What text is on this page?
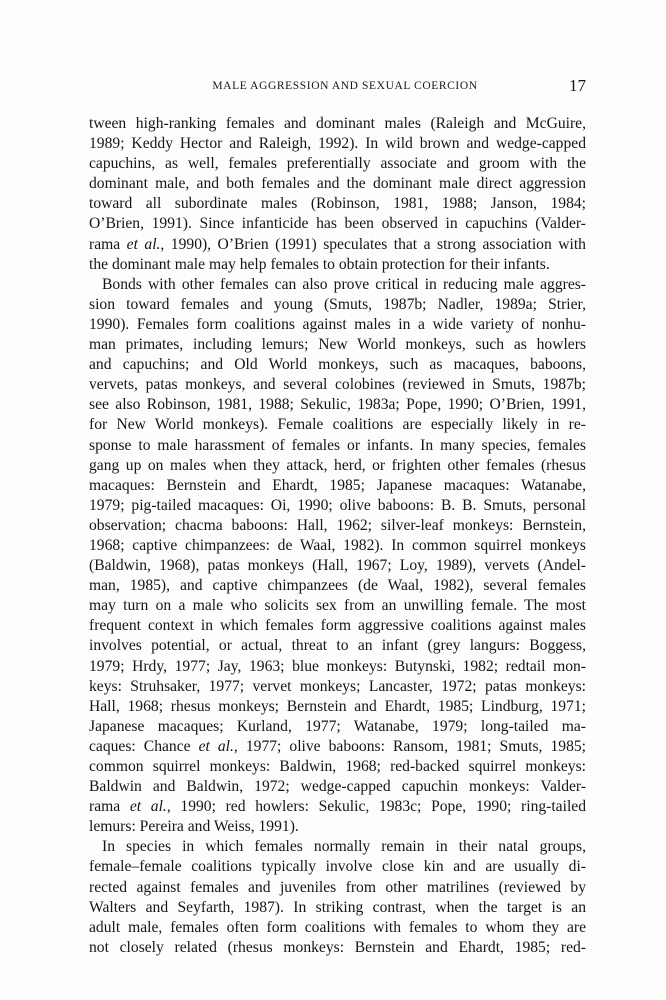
MALE AGGRESSION AND SEXUAL COERCION	17
tween high-ranking females and dominant males (Raleigh and McGuire,
1989; Keddy Hector and Raleigh, 1992). In wild brown and wedge-capped
capuchins, as well, females preferentially associate and groom with the
dominant male, and both females and the dominant male direct aggression
toward all subordinate males (Robinson, 1981, 1988; Janson, 1984;
O’Brien, 1991). Since infanticide has been observed in capuchins (Valder-
rama et al., 1990), O’Brien (1991) speculates that a strong association with
the dominant male may help females to obtain protection for their infants.
Bonds with other females can also prove critical in reducing male aggres-
sion toward females and young (Smuts, 1987b; Nadler, 1989a; Strier,
1990). Females form coalitions against males in a wide variety of nonhu-
man primates, including lemurs; New World monkeys, such as howlers
and capuchins; and Old World monkeys, such as macaques, baboons,
vervets, patas monkeys, and several colobines (reviewed in Smuts, 1987b;
see also Robinson, 1981, 1988; Sekulic, 1983a; Pope, 1990; O’Brien, 1991,
for New World monkeys). Female coalitions are especially likely in re-
sponse to male harassment of females or infants. In many species, females
gang up on males when they attack, herd, or frighten other females (rhesus
macaques: Bernstein and Ehardt, 1985; Japanese macaques: Watanabe,
1979; pig-tailed macaques: Oi, 1990; olive baboons: B. B. Smuts, personal
observation; chacma baboons: Hall, 1962; silver-leaf monkeys: Bernstein,
1968; captive chimpanzees: de Waal, 1982). In common squirrel monkeys
(Baldwin, 1968), patas monkeys (Hall, 1967; Loy, 1989), vervets (Andel-
man, 1985), and captive chimpanzees (de Waal, 1982), several females
may turn on a male who solicits sex from an unwilling female. The most
frequent context in which females form aggressive coalitions against males
involves potential, or actual, threat to an infant (grey langurs: Boggess,
1979; Hrdy, 1977; Jay, 1963; blue monkeys: Butynski, 1982; redtail mon-
keys: Struhsaker, 1977; vervet monkeys; Lancaster, 1972; patas monkeys:
Hall, 1968; rhesus monkeys; Bernstein and Ehardt, 1985; Lindburg, 1971;
Japanese macaques; Kurland, 1977; Watanabe, 1979; long-tailed ma-
caques: Chance et al., 1977; olive baboons: Ransom, 1981; Smuts, 1985;
common squirrel monkeys: Baldwin, 1968; red-backed squirrel monkeys:
Baldwin and Baldwin, 1972; wedge-capped capuchin monkeys: Valder-
rama et al., 1990; red howlers: Sekulic, 1983c; Pope, 1990; ring-tailed
lemurs: Pereira and Weiss, 1991).
In species in which females normally remain in their natal groups,
female–female coalitions typically involve close kin and are usually di-
rected against females and juveniles from other matrilines (reviewed by
Walters and Seyfarth, 1987). In striking contrast, when the target is an
adult male, females often form coalitions with females to whom they are
not closely related (rhesus monkeys: Bernstein and Ehardt, 1985; red-
